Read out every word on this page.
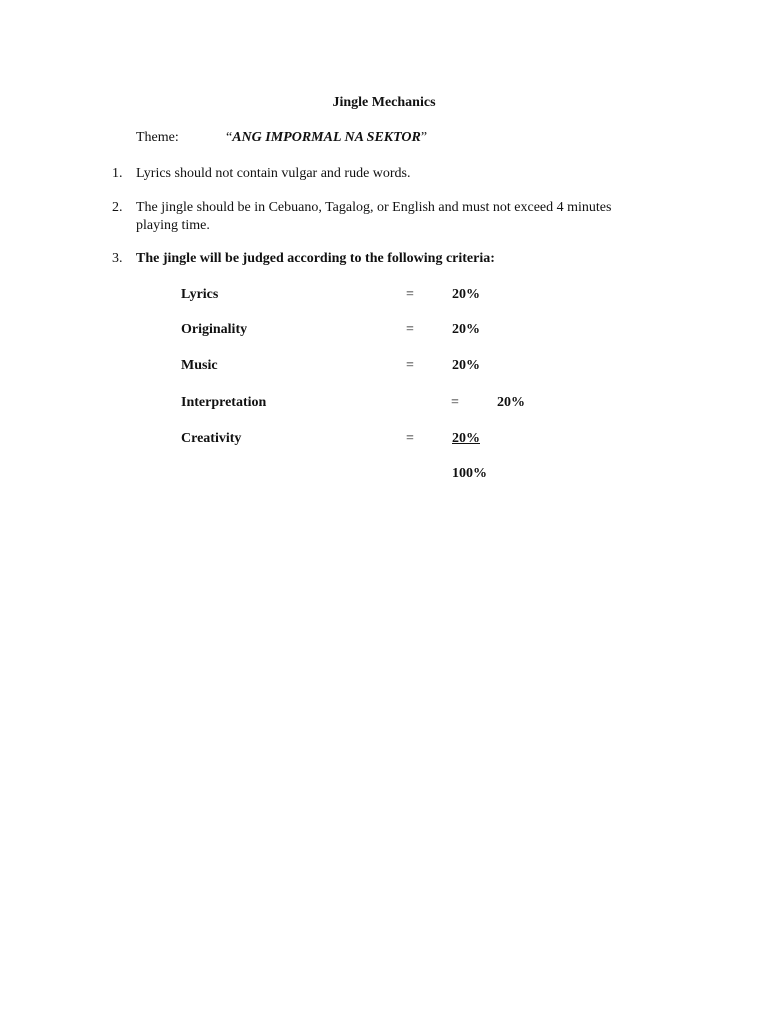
Jingle Mechanics
Theme:	“ANG IMPORMAL NA SEKTOR”
1. Lyrics should not contain vulgar and rude words.
2. The jingle should be in Cebuano, Tagalog, or English and must not exceed 4 minutes
playing time.
3. The jingle will be judged according to the following criteria:
Lyrics	=	20%
Originality	=	20%
Music	=	20%
Interpretation	=	20%
Creativity	=	20%
100%
